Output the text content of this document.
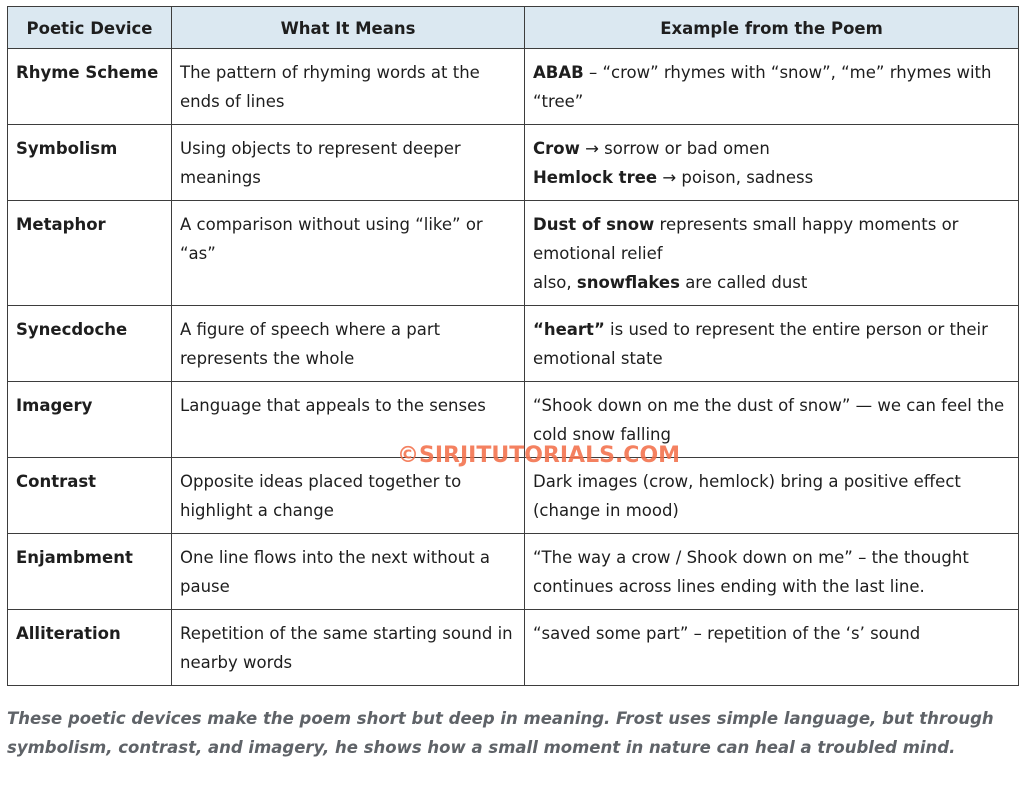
Poetic Device	What It Means	Example from the Poem
Rhyme Scheme	The pattern of rhyming words at the ends of lines	ABAB – “crow” rhymes with “snow”, “me” rhymes with “tree”

Symbolism	Using objects to represent deeper meanings	Crow → sorrow or bad omen
Hemlock tree → poison, sadness

Metaphor	A comparison without using “like” or “as”	Dust of snow represents small happy moments or emotional relief
also, snowflakes are called dust

Synecdoche	A figure of speech where a part represents the whole	“heart” is used to represent the entire person or their emotional state

Imagery	Language that appeals to the senses	“Shook down on me the dust of snow” — we can feel the cold snow falling

Contrast	Opposite ideas placed together to highlight a change	Dark images (crow, hemlock) bring a positive effect (change in mood)

Enjambment	One line flows into the next without a pause	“The way a crow / Shook down on me” – the thought continues across lines ending with the last line.

Alliteration	Repetition of the same starting sound in nearby words	“saved some part” – repetition of the ‘s’ sound
©SIRJITUTORIALS.COM

These poetic devices make the poem short but deep in meaning. Frost uses simple language, but through symbolism, contrast, and imagery, he shows how a small moment in nature can heal a troubled mind.
